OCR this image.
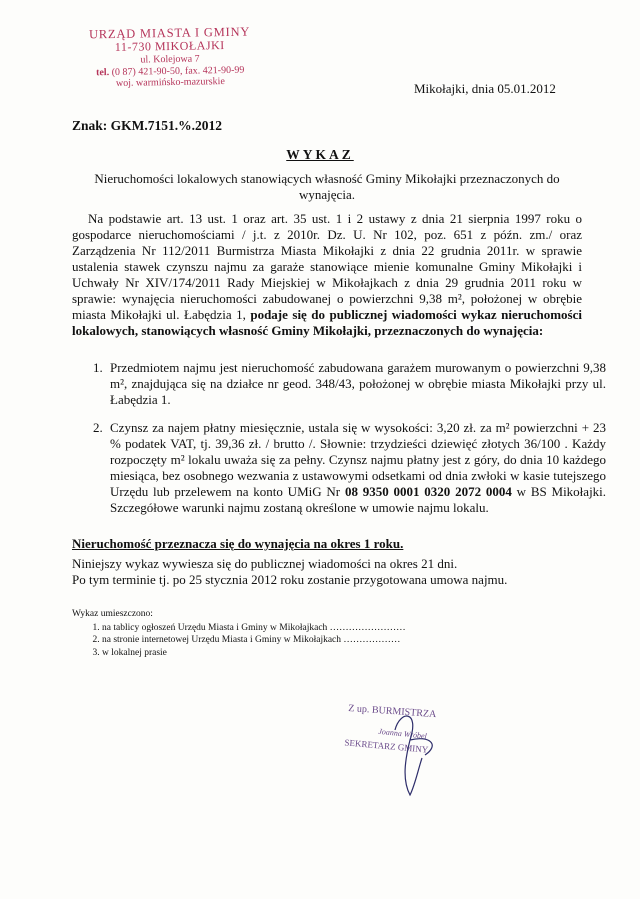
URZĄD MIASTA I GMINY
11-730 MIKOŁAJKI
ul. Kolejowa 7
tel. (0 87) 421-90-50, fax. 421-90-99
woj. warmińsko-mazurskie	Mikołajki, dnia 05.01.2012
Znak: GKM.7151.%.2012
WYKAZ
Nieruchomości lokalowych stanowiących własność Gminy Mikołajki przeznaczonych do wynajęcia.
Na podstawie art. 13 ust. 1 oraz art. 35 ust. 1 i 2 ustawy z dnia 21 sierpnia 1997 roku o gospodarce nieruchomościami / j.t. z 2010r. Dz. U. Nr 102, poz. 651 z późn. zm./ oraz Zarządzenia Nr 112/2011 Burmistrza Miasta Mikołajki z dnia 22 grudnia 2011r. w sprawie ustalenia stawek czynszu najmu za garaże stanowiące mienie komunalne Gminy Mikołajki i Uchwały Nr XIV/174/2011 Rady Miejskiej w Mikołajkach z dnia 29 grudnia 2011 roku w sprawie: wynajęcia nieruchomości zabudowanej o powierzchni 9,38 m², położonej w obrębie miasta Mikołajki ul. Łabędzia 1, podaje się do publicznej wiadomości wykaz nieruchomości lokalowych, stanowiących własność Gminy Mikołajki, przeznaczonych do wynajęcia:
1. Przedmiotem najmu jest nieruchomość zabudowana garażem murowanym o powierzchni 9,38 m², znajdująca się na działce nr geod. 348/43, położonej w obrębie miasta Mikołajki przy ul. Łabędzia 1.
2. Czynsz za najem płatny miesięcznie, ustala się w wysokości: 3,20 zł. za m² powierzchni + 23 % podatek VAT, tj. 39,36 zł. / brutto /. Słownie: trzydzieści dziewięć złotych 36/100 . Każdy rozpoczęty m² lokalu uważa się za pełny. Czynsz najmu płatny jest z góry, do dnia 10 każdego miesiąca, bez osobnego wezwania z ustawowymi odsetkami od dnia zwłoki w kasie tutejszego Urzędu lub przelewem na konto UMiG Nr 08 9350 0001 0320 2072 0004 w BS Mikołajki. Szczegółowe warunki najmu zostaną określone w umowie najmu lokalu.
Nieruchomość przeznacza się do wynajęcia na okres 1 roku.

Niniejszy wykaz wywiesza się do publicznej wiadomości na okres 21 dni.

Po tym terminie tj. po 25 stycznia 2012 roku zostanie przygotowana umowa najmu.

Wykaz umieszczono:

1. na tablicy ogłoszeń Urzędu Miasta i Gminy w Mikołajkach ……………………
2. na stronie internetowej Urzędu Miasta i Gminy w Mikołajkach ………………
3. w lokalnej prasie
Z up. BURMISTRZA
Joanna Wróbel
SEKRETARZ GMINY
